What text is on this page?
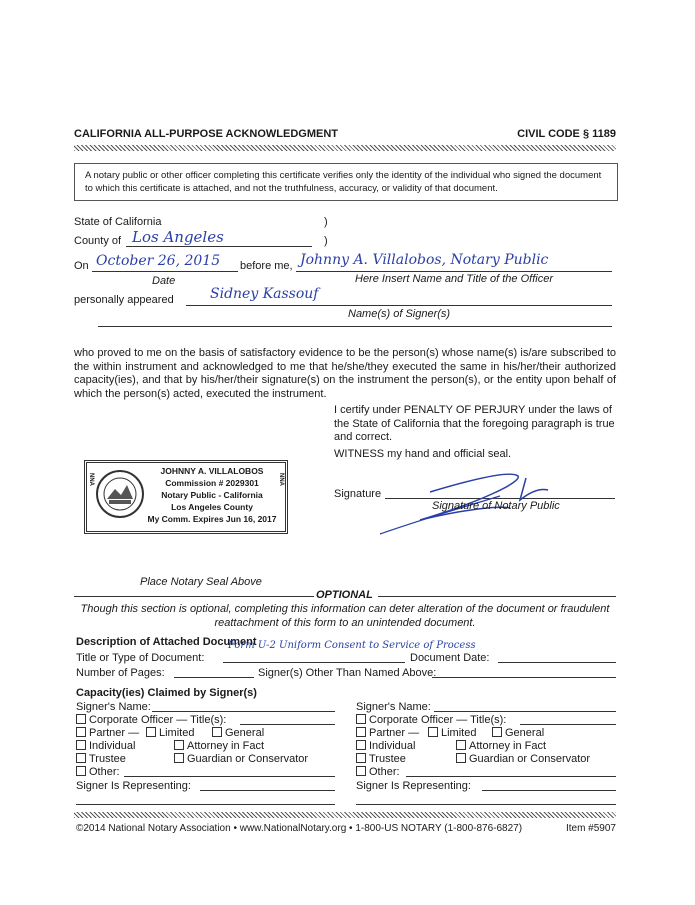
CALIFORNIA ALL-PURPOSE ACKNOWLEDGMENT	CIVIL CODE § 1189
A notary public or other officer completing this certificate verifies only the identity of the individual who signed the document to which this certificate is attached, and not the truthfulness, accuracy, or validity of that document.
State of California	)
County of Los Angeles	)
On October 26, 2015 before me, Johnny A. Villalobos, Notary Public
Date	Here Insert Name and Title of the Officer
personally appeared	Sidney Kassouf
Name(s) of Signer(s)
who proved to me on the basis of satisfactory evidence to be the person(s) whose name(s) is/are subscribed to the within instrument and acknowledged to me that he/she/they executed the same in his/her/their authorized capacity(ies), and that by his/her/their signature(s) on the instrument the person(s), or the entity upon behalf of which the person(s) acted, executed the instrument.
I certify under PENALTY OF PERJURY under the laws of the State of California that the foregoing paragraph is true and correct.
WITNESS my hand and official seal.
Signature
Signature of Notary Public
NNA	NNA
JOHNNY A. VILLALOBOS
Commission # 2029301
Notary Public - California
Los Angeles County
My Comm. Expires Jun 16, 2017
Place Notary Seal Above
OPTIONAL
Though this section is optional, completing this information can deter alteration of the document or fraudulent reattachment of this form to an unintended document.
Description of Attached Document
Title or Type of Document:
Form U-2 Uniform Consent to Service of Process
Document Date:
Number of Pages:	Signer(s) Other Than Named Above:
Capacity(ies) Claimed by Signer(s)
Signer's Name:
Corporate Officer — Title(s):
Partner —	Limited	General
Individual	Attorney in Fact
Trustee	Guardian or Conservator
Other:
Signer Is Representing:
Signer's Name:
Corporate Officer — Title(s):
Partner —	Limited	General
Individual	Attorney in Fact
Trustee	Guardian or Conservator
Other:
Signer Is Representing:
©2014 National Notary Association • www.NationalNotary.org • 1-800-US NOTARY (1-800-876-6827)	Item #5907
